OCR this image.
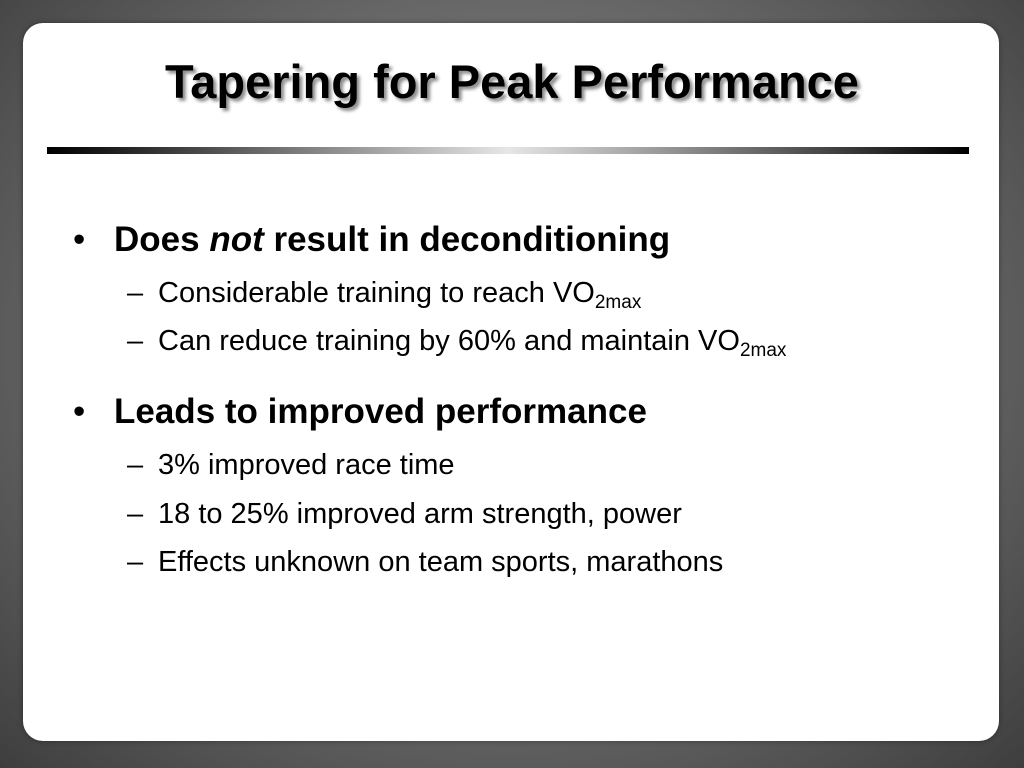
Tapering for Peak Performance
• Does not result in deconditioning
– Considerable training to reach $VO_{2max}$
– Can reduce training by 60% and maintain $VO_{2max}$
• Leads to improved performance
– 3% improved race time
– 18 to 25% improved arm strength, power
– Effects unknown on team sports, marathons
